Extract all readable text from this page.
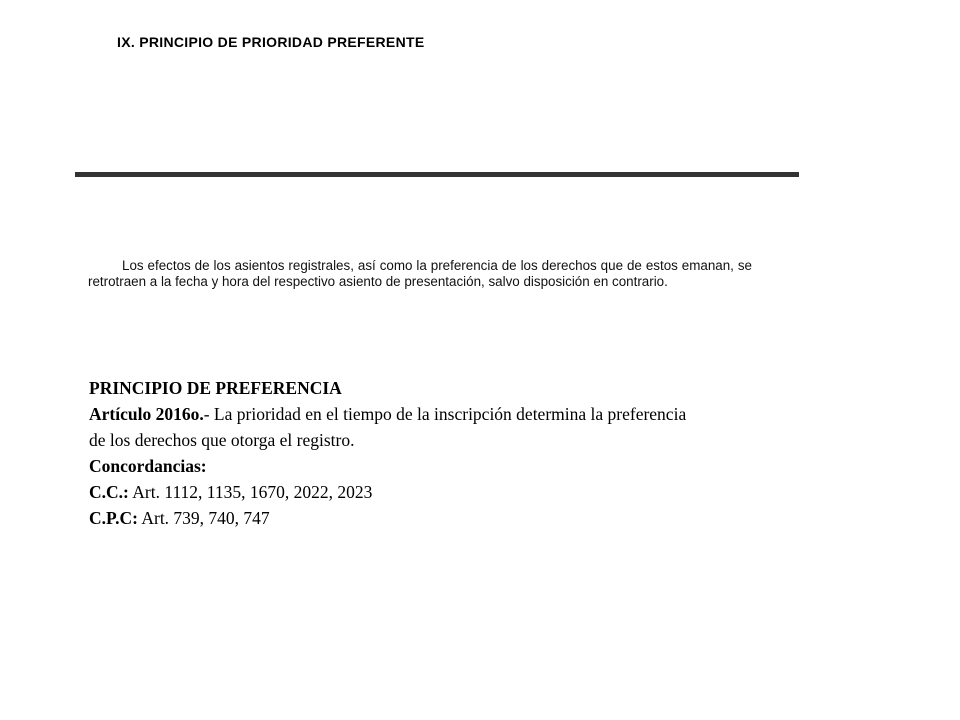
IX. PRINCIPIO DE PRIORIDAD PREFERENTE

Los efectos de los asientos registrales, así como la preferencia de los derechos que de estos emanan, se retrotraen a la fecha y hora del respectivo asiento de presentación, salvo disposición en contrario.

PRINCIPIO DE PREFERENCIA
Artículo 2016o.- La prioridad en el tiempo de la inscripción determina la preferencia
de los derechos que otorga el registro.
Concordancias:
C.C.: Art. 1112, 1135, 1670, 2022, 2023
C.P.C: Art. 739, 740, 747
